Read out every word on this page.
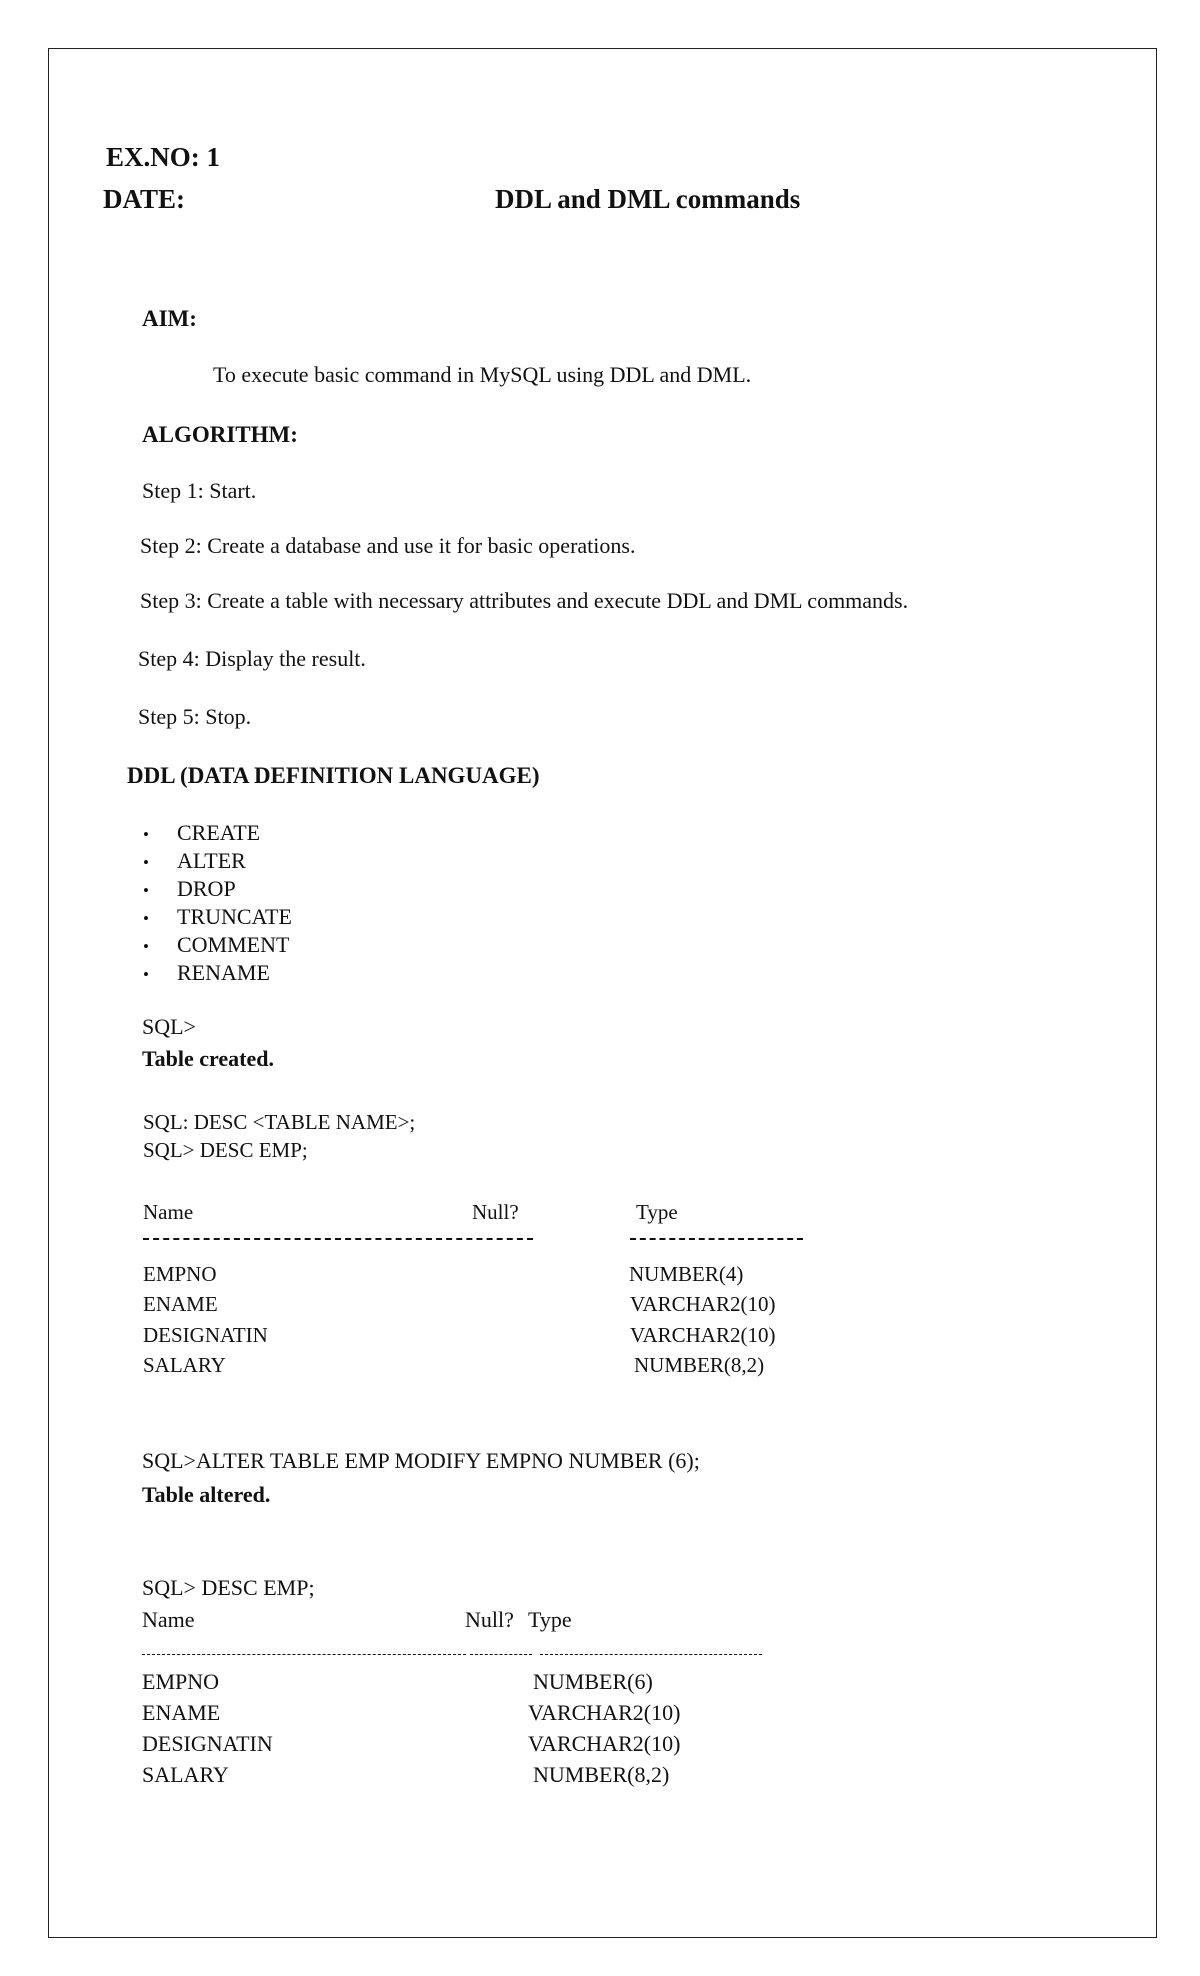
EX.NO: 1
DATE:	DDL and DML commands
AIM:
To execute basic command in MySQL using DDL and DML.
ALGORITHM:
Step 1: Start.
Step 2: Create a database and use it for basic operations.
Step 3: Create a table with necessary attributes and execute DDL and DML commands.
Step 4: Display the result.
Step 5: Stop.
DDL (DATA DEFINITION LANGUAGE)
• CREATE
• ALTER
• DROP
• TRUNCATE
• COMMENT
• RENAME
SQL>
Table created.
SQL: DESC <TABLE NAME>;
SQL> DESC EMP;
Name	Null?	Type
EMPNO	NUMBER(4)
ENAME	VARCHAR2(10)
DESIGNATIN	VARCHAR2(10)
SALARY	NUMBER(8,2)
SQL>ALTER TABLE EMP MODIFY EMPNO NUMBER (6);
Table altered.
SQL> DESC EMP;
Name	Null? Type
EMPNO	NUMBER(6)
ENAME	VARCHAR2(10)
DESIGNATIN	VARCHAR2(10)
SALARY	NUMBER(8,2)
